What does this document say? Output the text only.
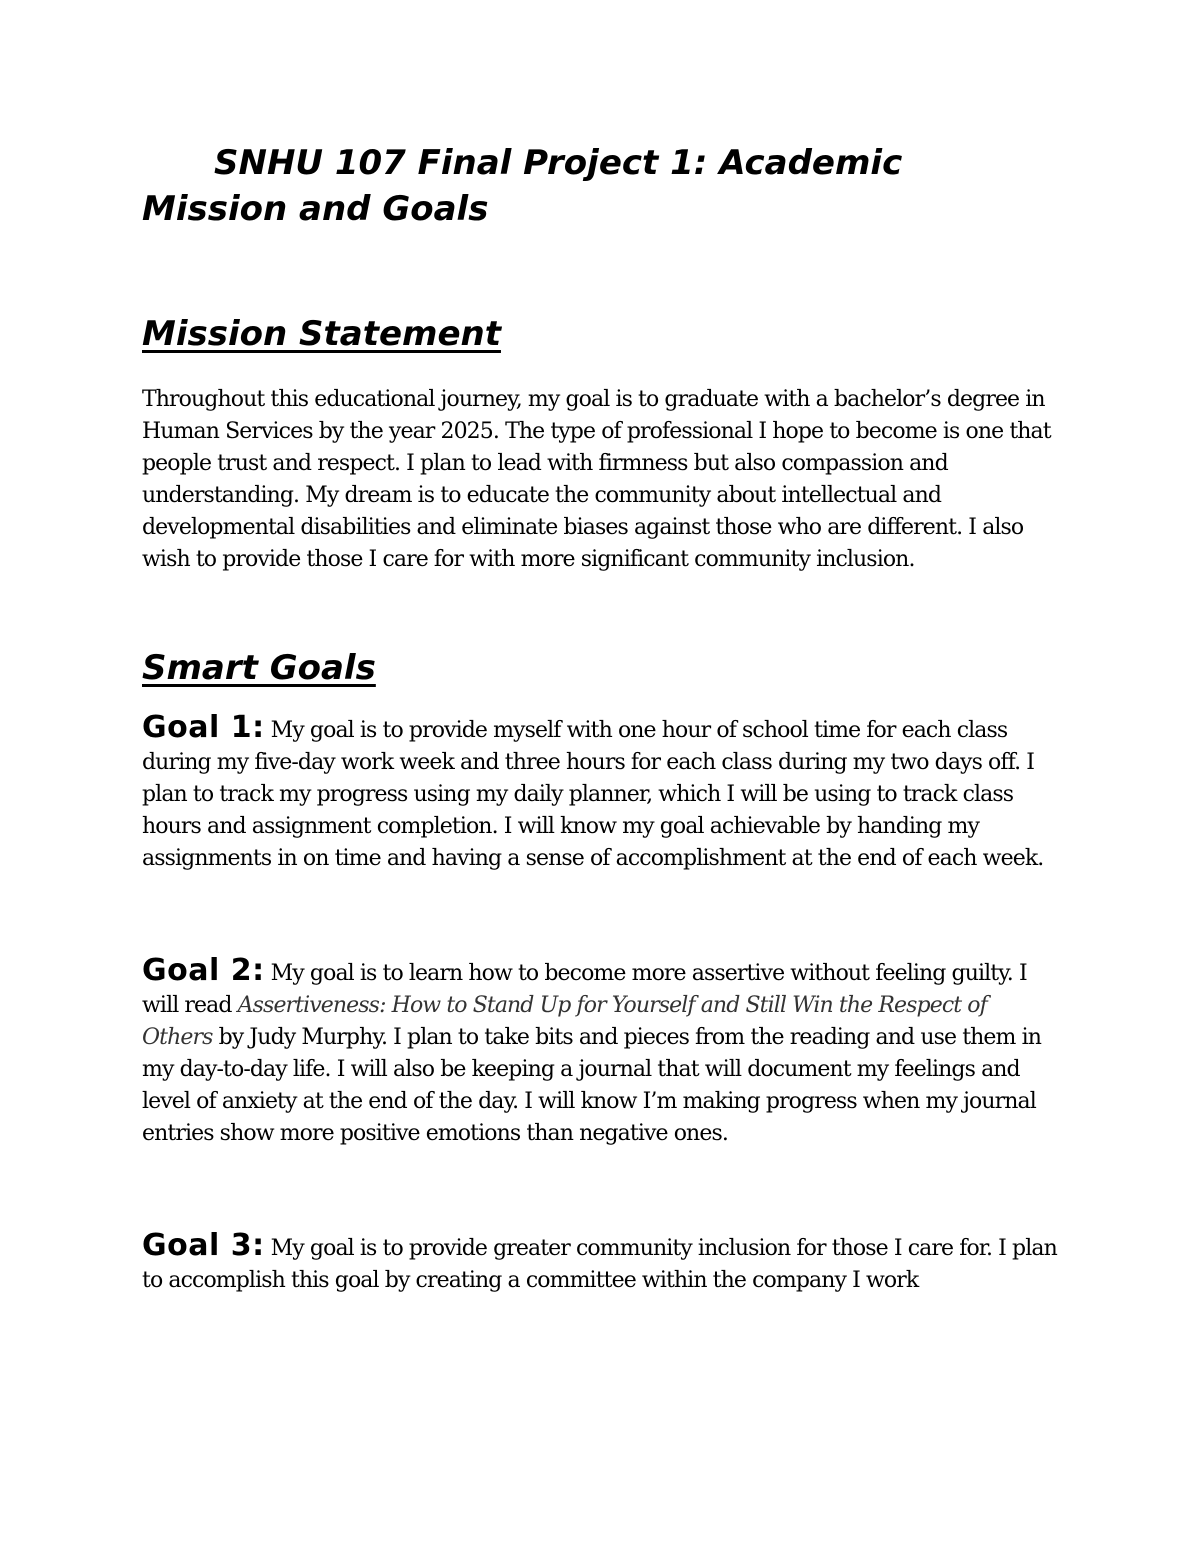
SNHU 107 Final Project 1: Academic Mission and Goals
Mission Statement

Throughout this educational journey, my goal is to graduate with a bachelor’s degree in Human Services by the year 2025. The type of professional I hope to become is one that people trust and respect. I plan to lead with firmness but also compassion and understanding. My dream is to educate the community about intellectual and developmental disabilities and eliminate biases against those who are different. I also wish to provide those I care for with more significant community inclusion.

Smart Goals

Goal 1: My goal is to provide myself with one hour of school time for each class during my five-day work week and three hours for each class during my two days off. I plan to track my progress using my daily planner, which I will be using to track class hours and assignment completion. I will know my goal achievable by handing my assignments in on time and having a sense of accomplishment at the end of each week.

Goal 2: My goal is to learn how to become more assertive without feeling guilty. I will read Assertiveness: How to Stand Up for Yourself and Still Win the Respect of Others by Judy Murphy. I plan to take bits and pieces from the reading and use them in my day-to-day life. I will also be keeping a journal that will document my feelings and level of anxiety at the end of the day. I will know I’m making progress when my journal entries show more positive emotions than negative ones.

Goal 3: My goal is to provide greater community inclusion for those I care for. I plan to accomplish this goal by creating a committee within the company I work
